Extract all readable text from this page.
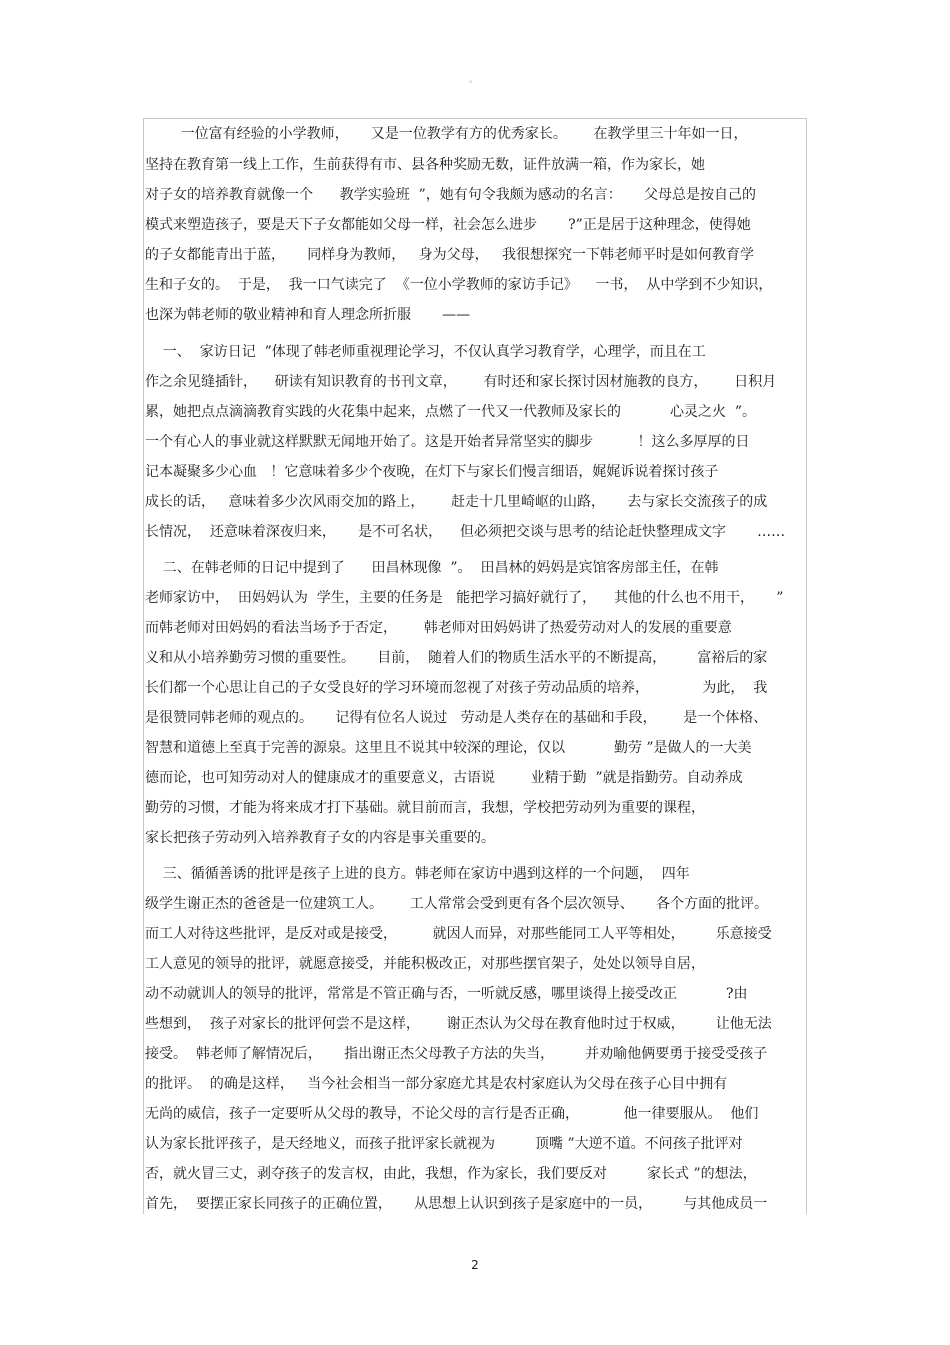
。
一位富有经验的小学教师，     又是一位教学有方的优秀家长。      在教学里三十年如一日，
坚持在教育第一线上工作，生前获得有市、县各种奖励无数，证件放满一箱，作为家长，她
对子女的培养教育就像一个      教学实验班  ”，她有句令我颇为感动的名言：     父母总是按自己的
模式来塑造孩子，要是天下子女都能如父母一样，社会怎么进步       ?”正是居于这种理念，使得她
的子女都能青出于蓝，     同样身为教师，   身为父母，   我很想探究一下韩老师平时是如何教育学
生和子女的。  于是，  我一口气读完了  《一位小学教师的家访手记》    一书，  从中学到不少知识，
也深为韩老师的敬业精神和育人理念所折服       ——
一、  家访日记  ”体现了韩老师重视理论学习，不仅认真学习教育学，心理学，而且在工
作之余见缝插针，    研读有知识教育的书刊文章，      有时还和家长探讨因材施教的良方，      日积月
累，她把点点滴滴教育实践的火花集中起来，点燃了一代又一代教师及家长的           心灵之火  ”。
一个有心人的事业就这样默默无闻地开始了。这是开始者异常坚实的脚步          ！这么多厚厚的日
记本凝聚多少心血   ！它意味着多少个夜晚，在灯下与家长们慢言细语，娓娓诉说着探讨孩子
成长的话，   意味着多少次风雨交加的路上，      赶走十几里崎岖的山路，     去与家长交流孩子的成
长情况，  还意味着深夜归来，     是不可名状，    但必须把交谈与思考的结论赶快整理成文字       ……
二、在韩老师的日记中提到了      田昌林现像  ”。  田昌林的妈妈是宾馆客房部主任，在韩
老师家访中，  田妈妈认为  学生，主要的任务是   能把学习搞好就行了，    其他的什么也不用干，     ”
而韩老师对田妈妈的看法当场予于否定，      韩老师对田妈妈讲了热爱劳动对人的发展的重要意
义和从小培养勤劳习惯的重要性。     目前，  随着人们的物质生活水平的不断提高，       富裕后的家
长们都一个心思让自己的子女受良好的学习环境而忽视了对孩子劳动品质的培养，            为此，  我
是很赞同韩老师的观点的。     记得有位名人说过   劳动是人类存在的基础和手段，      是一个体格、
智慧和道德上至真于完善的源泉。这里且不说其中较深的理论，仅以           勤劳 ”是做人的一大美
德而论，也可知劳动对人的健康成才的重要意义，古语说        业精于勤  ”就是指勤劳。自动养成
勤劳的习惯，才能为将来成才打下基础。就目前而言，我想，学校把劳动列为重要的课程，
家长把孩子劳动列入培养教育子女的内容是事关重要的。
三、循循善诱的批评是孩子上进的良方。韩老师在家访中遇到这样的一个问题，  四年
级学生谢正杰的爸爸是一位建筑工人。      工人常常会受到更有各个层次领导、     各个方面的批评。
而工人对待这些批评，是反对或是接受，        就因人而异，对那些能同工人平等相处，       乐意接受
工人意见的领导的批评，就愿意接受，并能积极改正，对那些摆官架子，处处以领导自居，
动不动就训人的领导的批评，常常是不管正确与否，一听就反感，哪里谈得上接受改正           ?由
些想到，  孩子对家长的批评何尝不是这样，      谢正杰认为父母在教育他时过于权威，       让他无法
接受。  韩老师了解情况后，     指出谢正杰父母教子方法的失当，       并劝喻他俩要勇于接受受孩子
的批评。  的确是这样，   当今社会相当一部分家庭尤其是农村家庭认为父母在孩子心目中拥有
无尚的威信，孩子一定要听从父母的教导，不论父母的言行是否正确，          他一律要服从。  他们
认为家长批评孩子，是天经地义，而孩子批评家长就视为         顶嘴 ”大逆不道。不问孩子批评对
否，就火冒三丈，剥夺孩子的发言权，由此，我想，作为家长，我们要反对         家长式 ”的想法，
首先，  要摆正家长同孩子的正确位置，     从思想上认识到孩子是家庭中的一员，       与其他成员一
2
